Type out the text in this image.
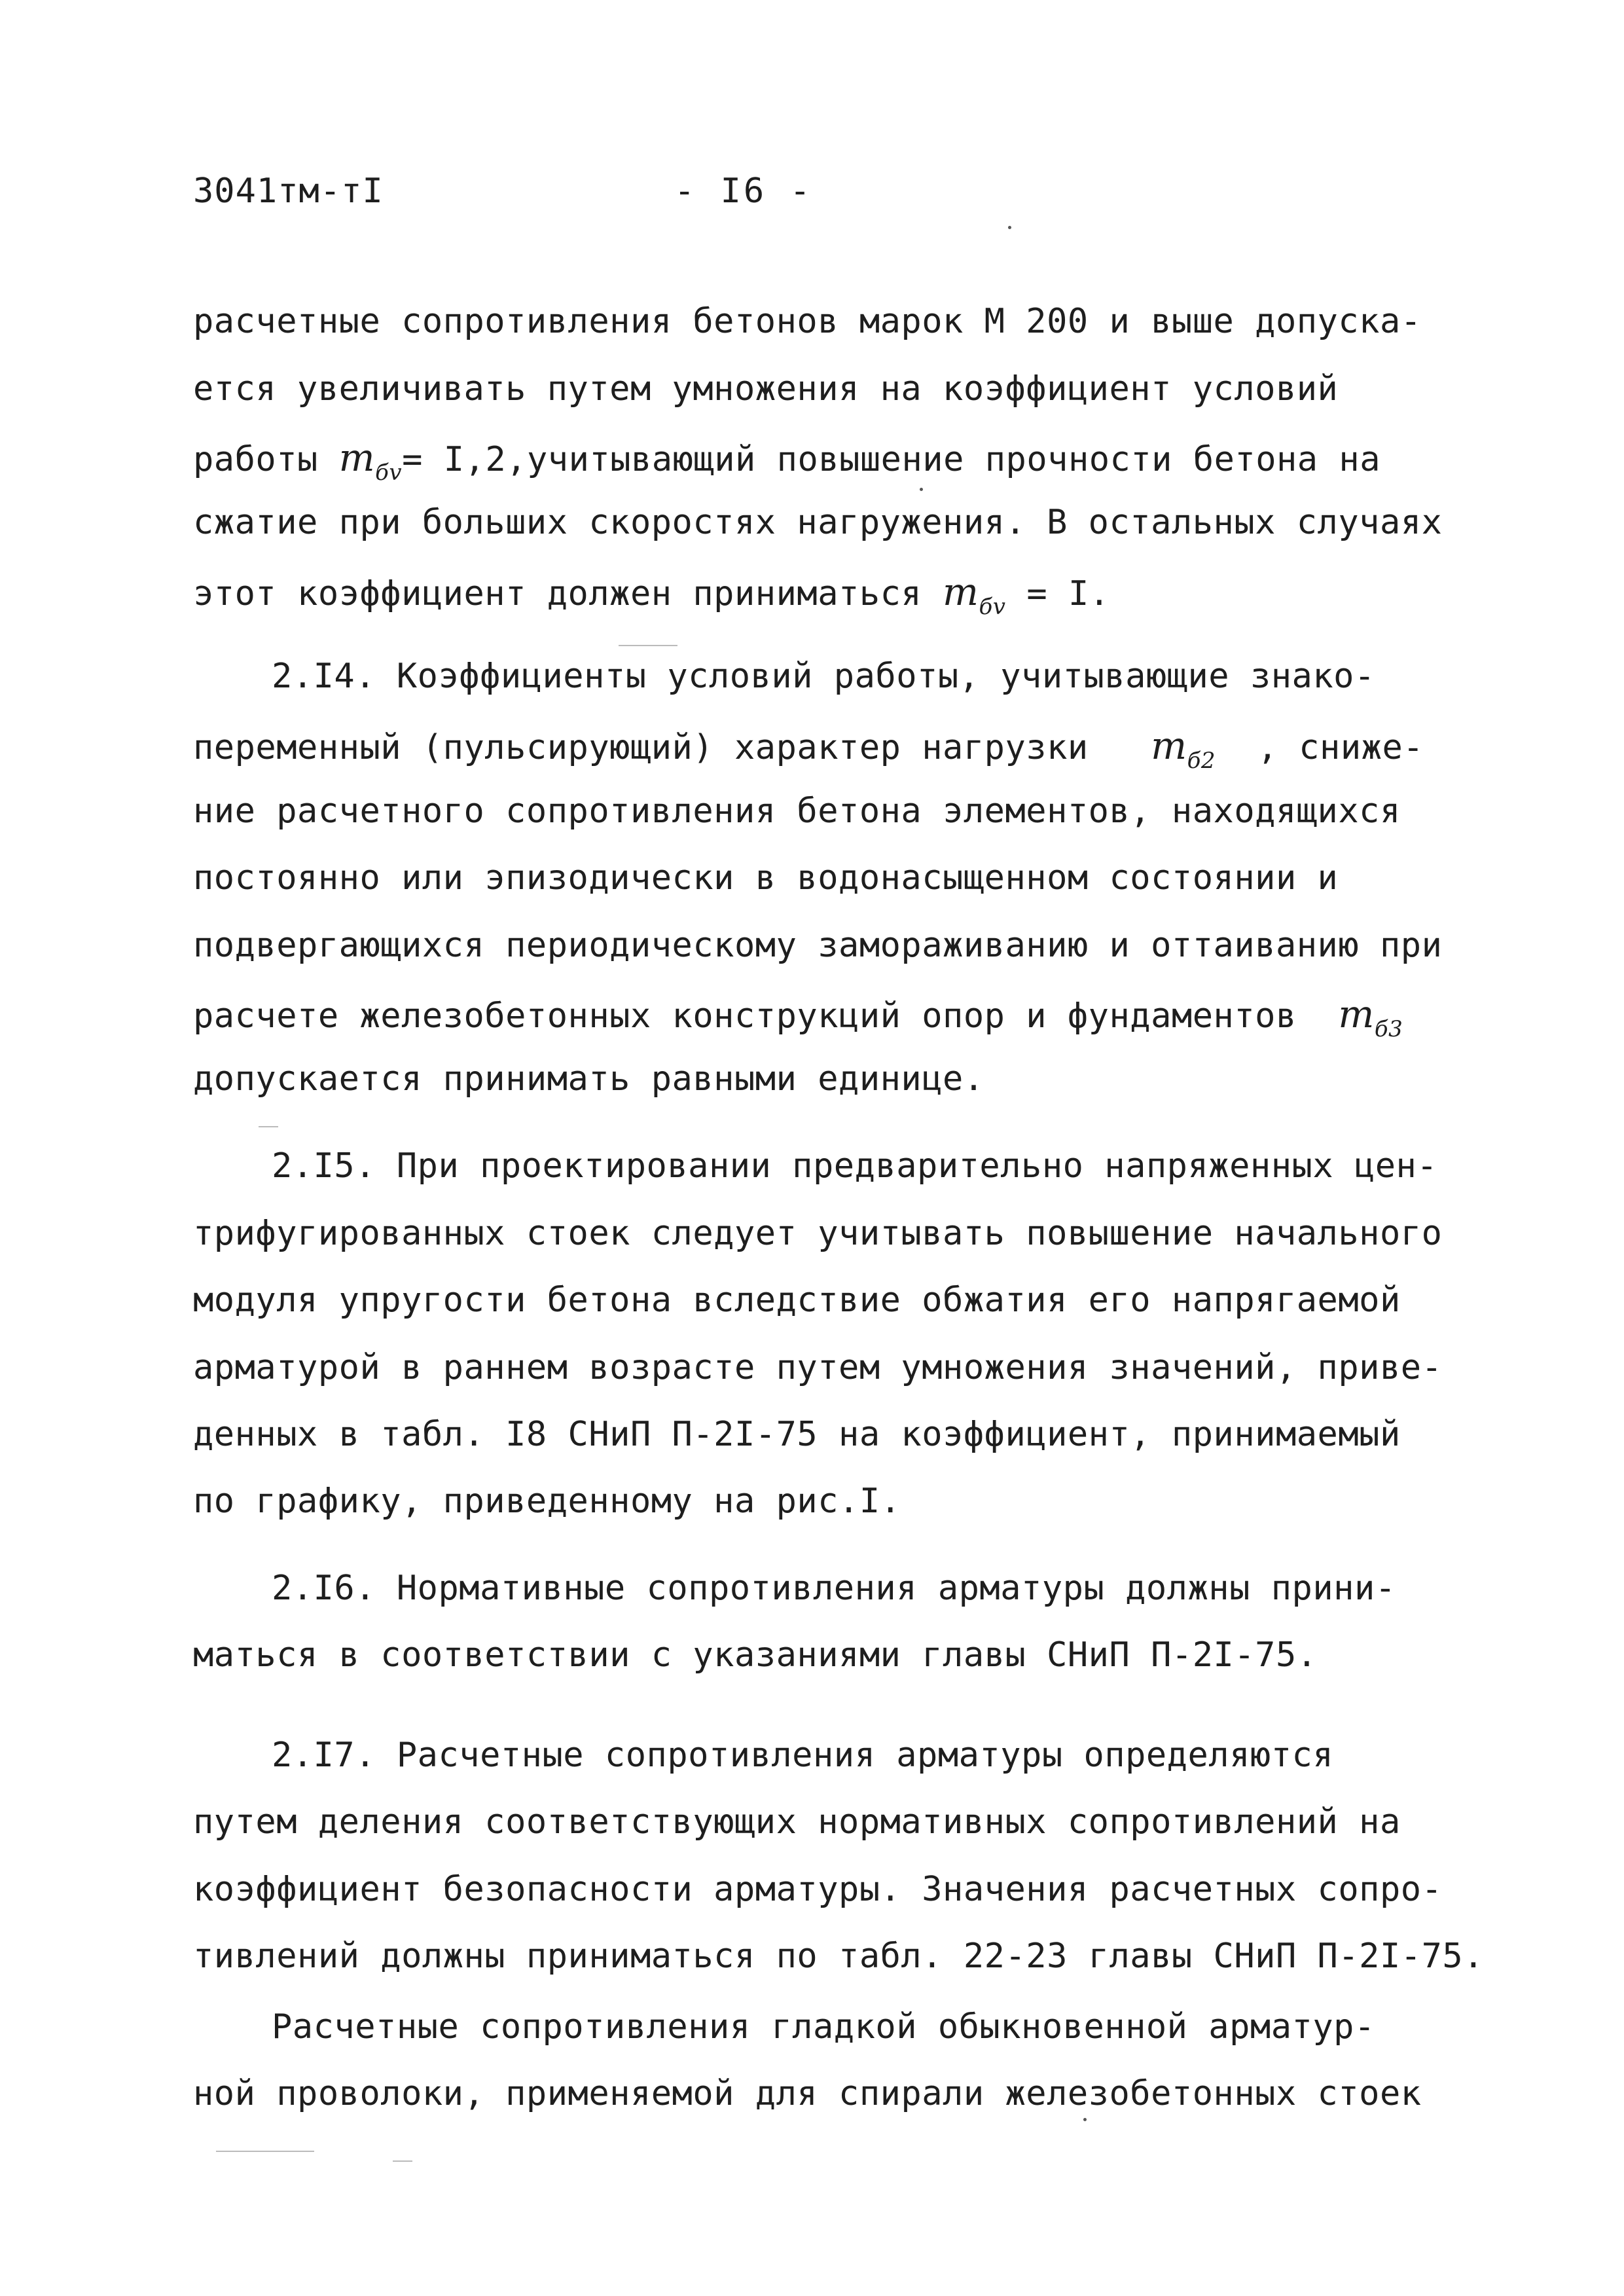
3041тм-тI	- I6 -
расчетные сопротивления бетонов марок М 200 и выше допуска-
ется увеличивать путем умножения на коэффициент условий
работы $m_{бv}=$ I,2,учитывающий повышение прочности бетона на
сжатие при больших скоростях нагружения. В остальных случаях
этот коэффициент должен приниматься $m_{бv} = I$.
2.I4. Коэффициенты условий работы, учитывающие знако-
переменный (пульсирующий) характер нагрузки $m_{б2}$ , сниже-
ние расчетного сопротивления бетона элементов, находящихся
постоянно или эпизодически в водонасыщенном состоянии и
подвергающихся периодическому замораживанию и оттаиванию при
расчете железобетонных конструкций опор и фундаментов $m_{б3}$
допускается принимать равными единице.
2.I5. При проектировании предварительно напряженных цен-
трифугированных стоек следует учитывать повышение начального
модуля упругости бетона вследствие обжатия его напрягаемой
арматурой в раннем возрасте путем умножения значений, приве-
денных в табл. I8 СНиП П-2I-75 на коэффициент, принимаемый
по графику, приведенному на рис.I.
2.I6. Нормативные сопротивления арматуры должны прини-
маться в соответствии с указаниями главы СНиП П-2I-75.
2.I7. Расчетные сопротивления арматуры определяются
путем деления соответствующих нормативных сопротивлений на
коэффициент безопасности арматуры. Значения расчетных сопро-
тивлений должны приниматься по табл. 22-23 главы СНиП П-2I-75.
Расчетные сопротивления гладкой обыкновенной арматур-
ной проволоки, применяемой для спирали железобетонных стоек
